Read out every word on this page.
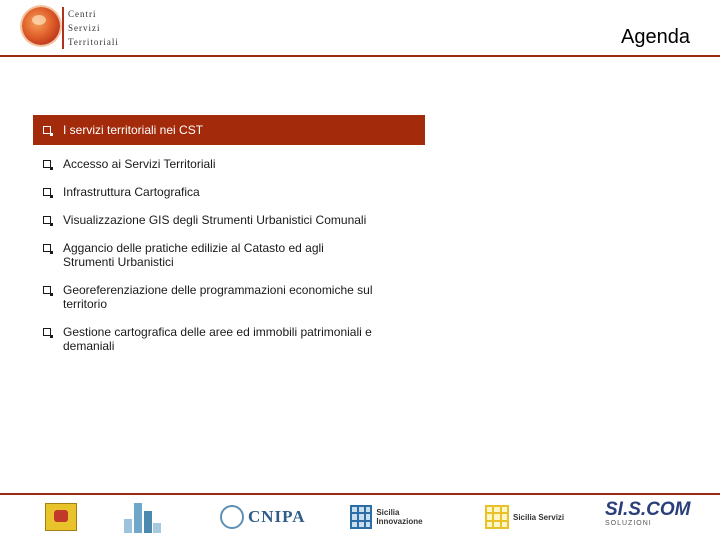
Centri
Servizi
Territoriali	Agenda
I servizi territoriali nei CST
Accesso ai Servizi Territoriali
Infrastruttura Cartografica
Visualizzazione GIS degli Strumenti Urbanistici Comunali
Aggancio delle pratiche edilizie al Catasto ed agli Strumenti Urbanistici
Georeferenziazione delle programmazioni economiche sul territorio
Gestione cartografica delle aree ed immobili patrimoniali e demaniali
CNIPA	Sicilia Innovazione	Sicilia Servizi SI.S.COM
SOLUZIONI
